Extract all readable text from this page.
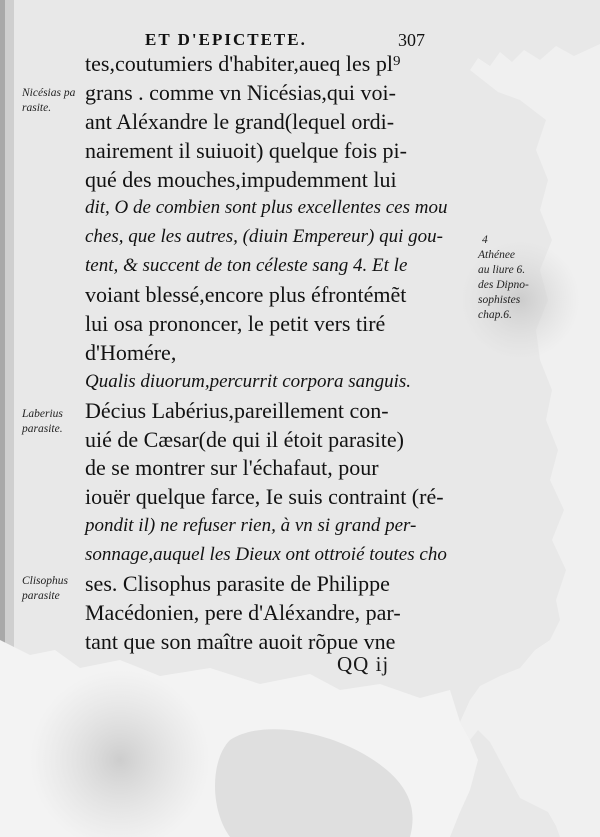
ET D'EPICTETE.	307
tes,coutumiers d'habiter,aueq les pl⁹
grans . comme vn Nicésias,qui voi-
ant Aléxandre le grand(lequel ordi-
nairement il suiuoit) quelque fois pi-
qué des mouches,impudemment lui
dit, O de combien sont plus excellentes ces mou
ches, que les autres, (diuin Empereur) qui gou-
tent, & succent de ton céleste sang 4. Et le
voiant blessé,encore plus éfrontémẽt
lui osa prononcer, le petit vers tiré
d'Homére,
Qualis diuorum,percurrit corpora sanguis.
Décius Labérius,pareillement con-
uié de Cæsar(de qui il étoit parasite)
de se montrer sur l'échafaut, pour
iouër quelque farce, Ie suis contraint (ré-
pondit il) ne refuser rien, à vn si grand per-
sonnage,auquel les Dieux ont ottroié toutes cho
ses. Clisophus parasite de Philippe
Macédonien, pere d'Aléxandre, par-
tant que son maître auoit rõpue vne
Nicésias pa
rasite.
4
Athénee
au liure 6.
des Dipno-
sophistes
chap.6.
Laberius
parasite.
Clisophus
parasite
QQ ij
